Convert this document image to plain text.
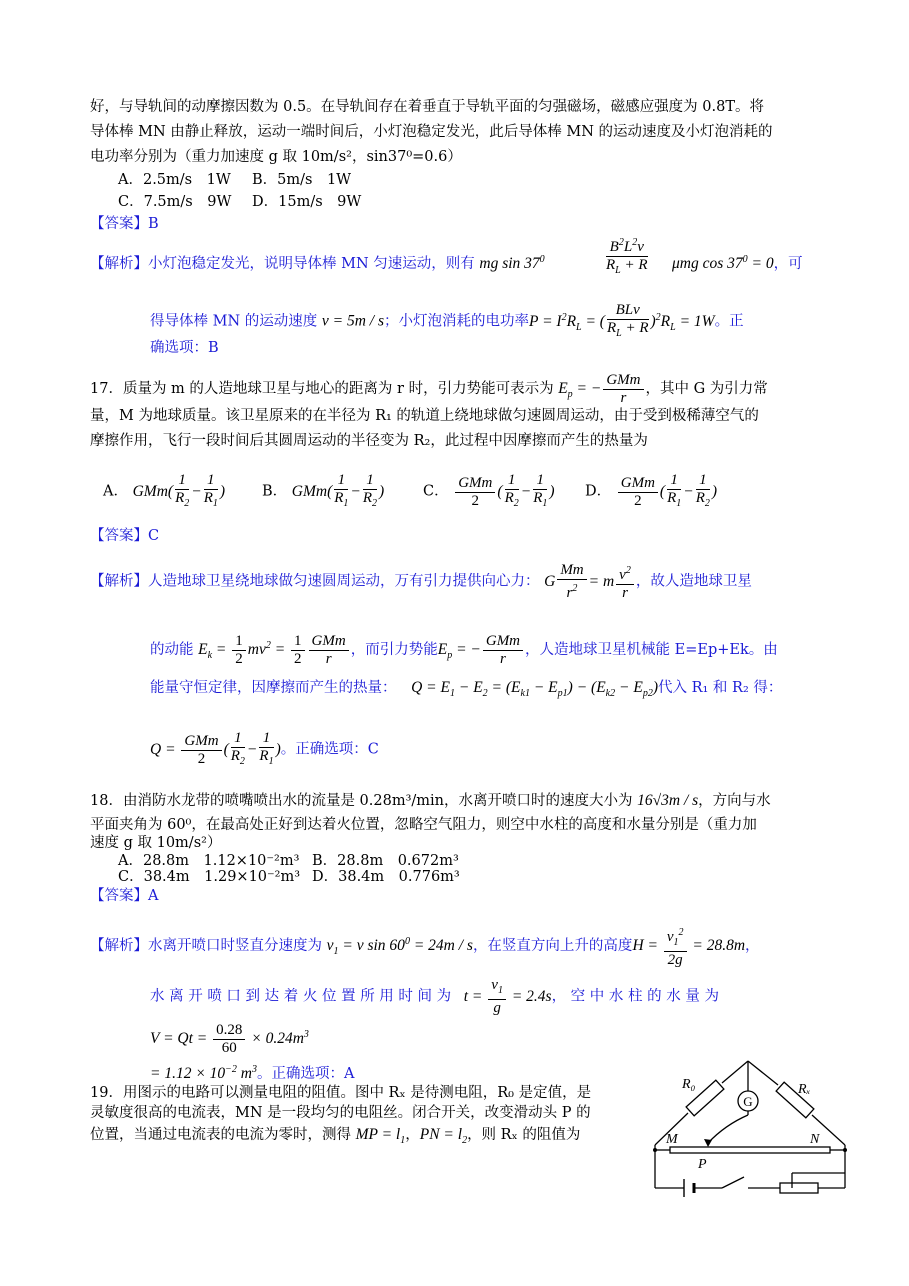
好，与导轨间的动摩擦因数为 0.5。在导轨间存在着垂直于导轨平面的匀强磁场，磁感应强度为 0.8T。将
导体棒 MN 由静止释放，运动一端时间后，小灯泡稳定发光，此后导体棒 MN 的运动速度及小灯泡消耗的
电功率分别为（重力加速度 g 取 10m/s²，sin37⁰=0.6）
A．2.5m/s　1W B．5m/s　1W
C．7.5m/s　9W D．15m/s　9W
【答案】B
【解析】小灯泡稳定发光，说明导体棒 MN 匀速运动，则有 mg $\sin 37^0$	$\frac{B^2L^2v}{R_L + R}$ μmg $\cos 37^0 = 0$，可
得导体棒 MN 的运动速度 v = 5m / s；小灯泡消耗的电功率$P = I^2R_L$ = ( $\frac{\text{BLv}}{R_L + R} )^2R_L = 1W$。正
确选项：B
17．质量为 m 的人造地球卫星与地心的距离为 r 时，引力势能可表示为 $E_p$ = − $\frac{\text{GMm}}{r}$ ，其中 G 为引力常
量，M 为地球质量。该卫星原来的在半径为 R₁ 的轨道上绕地球做匀速圆周运动，由于受到极稀薄空气的
摩擦作用，飞行一段时间后其圆周运动的半径变为 R₂，此过程中因摩擦而产生的热量为
A． $GMm( \frac{1}{R_2} - \frac{1}{R_1}$ )	B． $GMm( \frac{1}{R_1} - \frac{1}{R_2}$ )	C． $\frac{\text{GMm}}{2}$ ( $\frac{1}{R_2} - \frac{1}{R_1}$ ) D． $\frac{\text{GMm}}{2}$ ( $\frac{1}{R_1} - \frac{1}{R_2}$ )
【答案】C
【解析】人造地球卫星绕地球做匀速圆周运动，万有引力提供向心力： G $\frac{Mm}{r^2} = m \frac{v^2}{r}$ ，故人造地球卫星
的动能 $E_k = \frac{1}{2} mv^2 = \frac{1}{2} \frac{\text{GMm}}{r}$ ，而引力势能$E_p$ = − $\frac{\text{GMm}}{r}$ ，人造地球卫星机械能 E=Ep+Ek。由
能量守恒定律，因摩擦而产生的热量： $Q = E_1 - E_2 = (E_{k1} - E_{p1}) - (E_{k2} - E_{p2})$代入 R₁ 和 R₂ 得：
$Q = \frac{\text{GMm}}{2}$ ( $\frac{1}{R_2} - \frac{1}{R_1}$ )。正确选项：C
18．由消防水龙带的喷嘴喷出水的流量是 0.28m³/min，水离开喷口时的速度大小为 16√3m / s，方向与水
平面夹角为 60⁰，在最高处正好到达着火位置，忽略空气阻力，则空中水柱的高度和水量分别是（重力加
速度 g 取 10m/s²）
A．28.8m　1.12×10⁻²m³ B．28.8m　0.672m³
C．38.4m　1.29×10⁻²m³ D．38.4m　0.776m³
【答案】A
【解析】水离开喷口时竖直分速度为 $v_1 = v$ $\sin 60^0 = 24m / s$，在竖直方向上升的高度$H = \frac{v_1^2}{2g} = 28.8m$，
水 离 开 喷 口 到 达 着 火 位 置 所 用 时 间 为 $t = \frac{v_1}{g} = 2.4s$， 空 中 水 柱 的 水 量 为
$V = Qt = \frac{0.28}{60} \times 0.24m^3$
= $1.12 \times 10^{-2}$ $m^3$。正确选项：A
19．用图示的电路可以测量电阻的阻值。图中 Rₓ 是待测电阻，R₀ 是定值，是
灵敏度很高的电流表，MN 是一段均匀的电阻丝。闭合开关，改变滑动头 P 的
位置，当通过电流表的电流为零时，测得 MP = $l_1$，PN = $l_2$，则 Rₓ 的阻值为
G
R₀	Rₓ
M	N
P
